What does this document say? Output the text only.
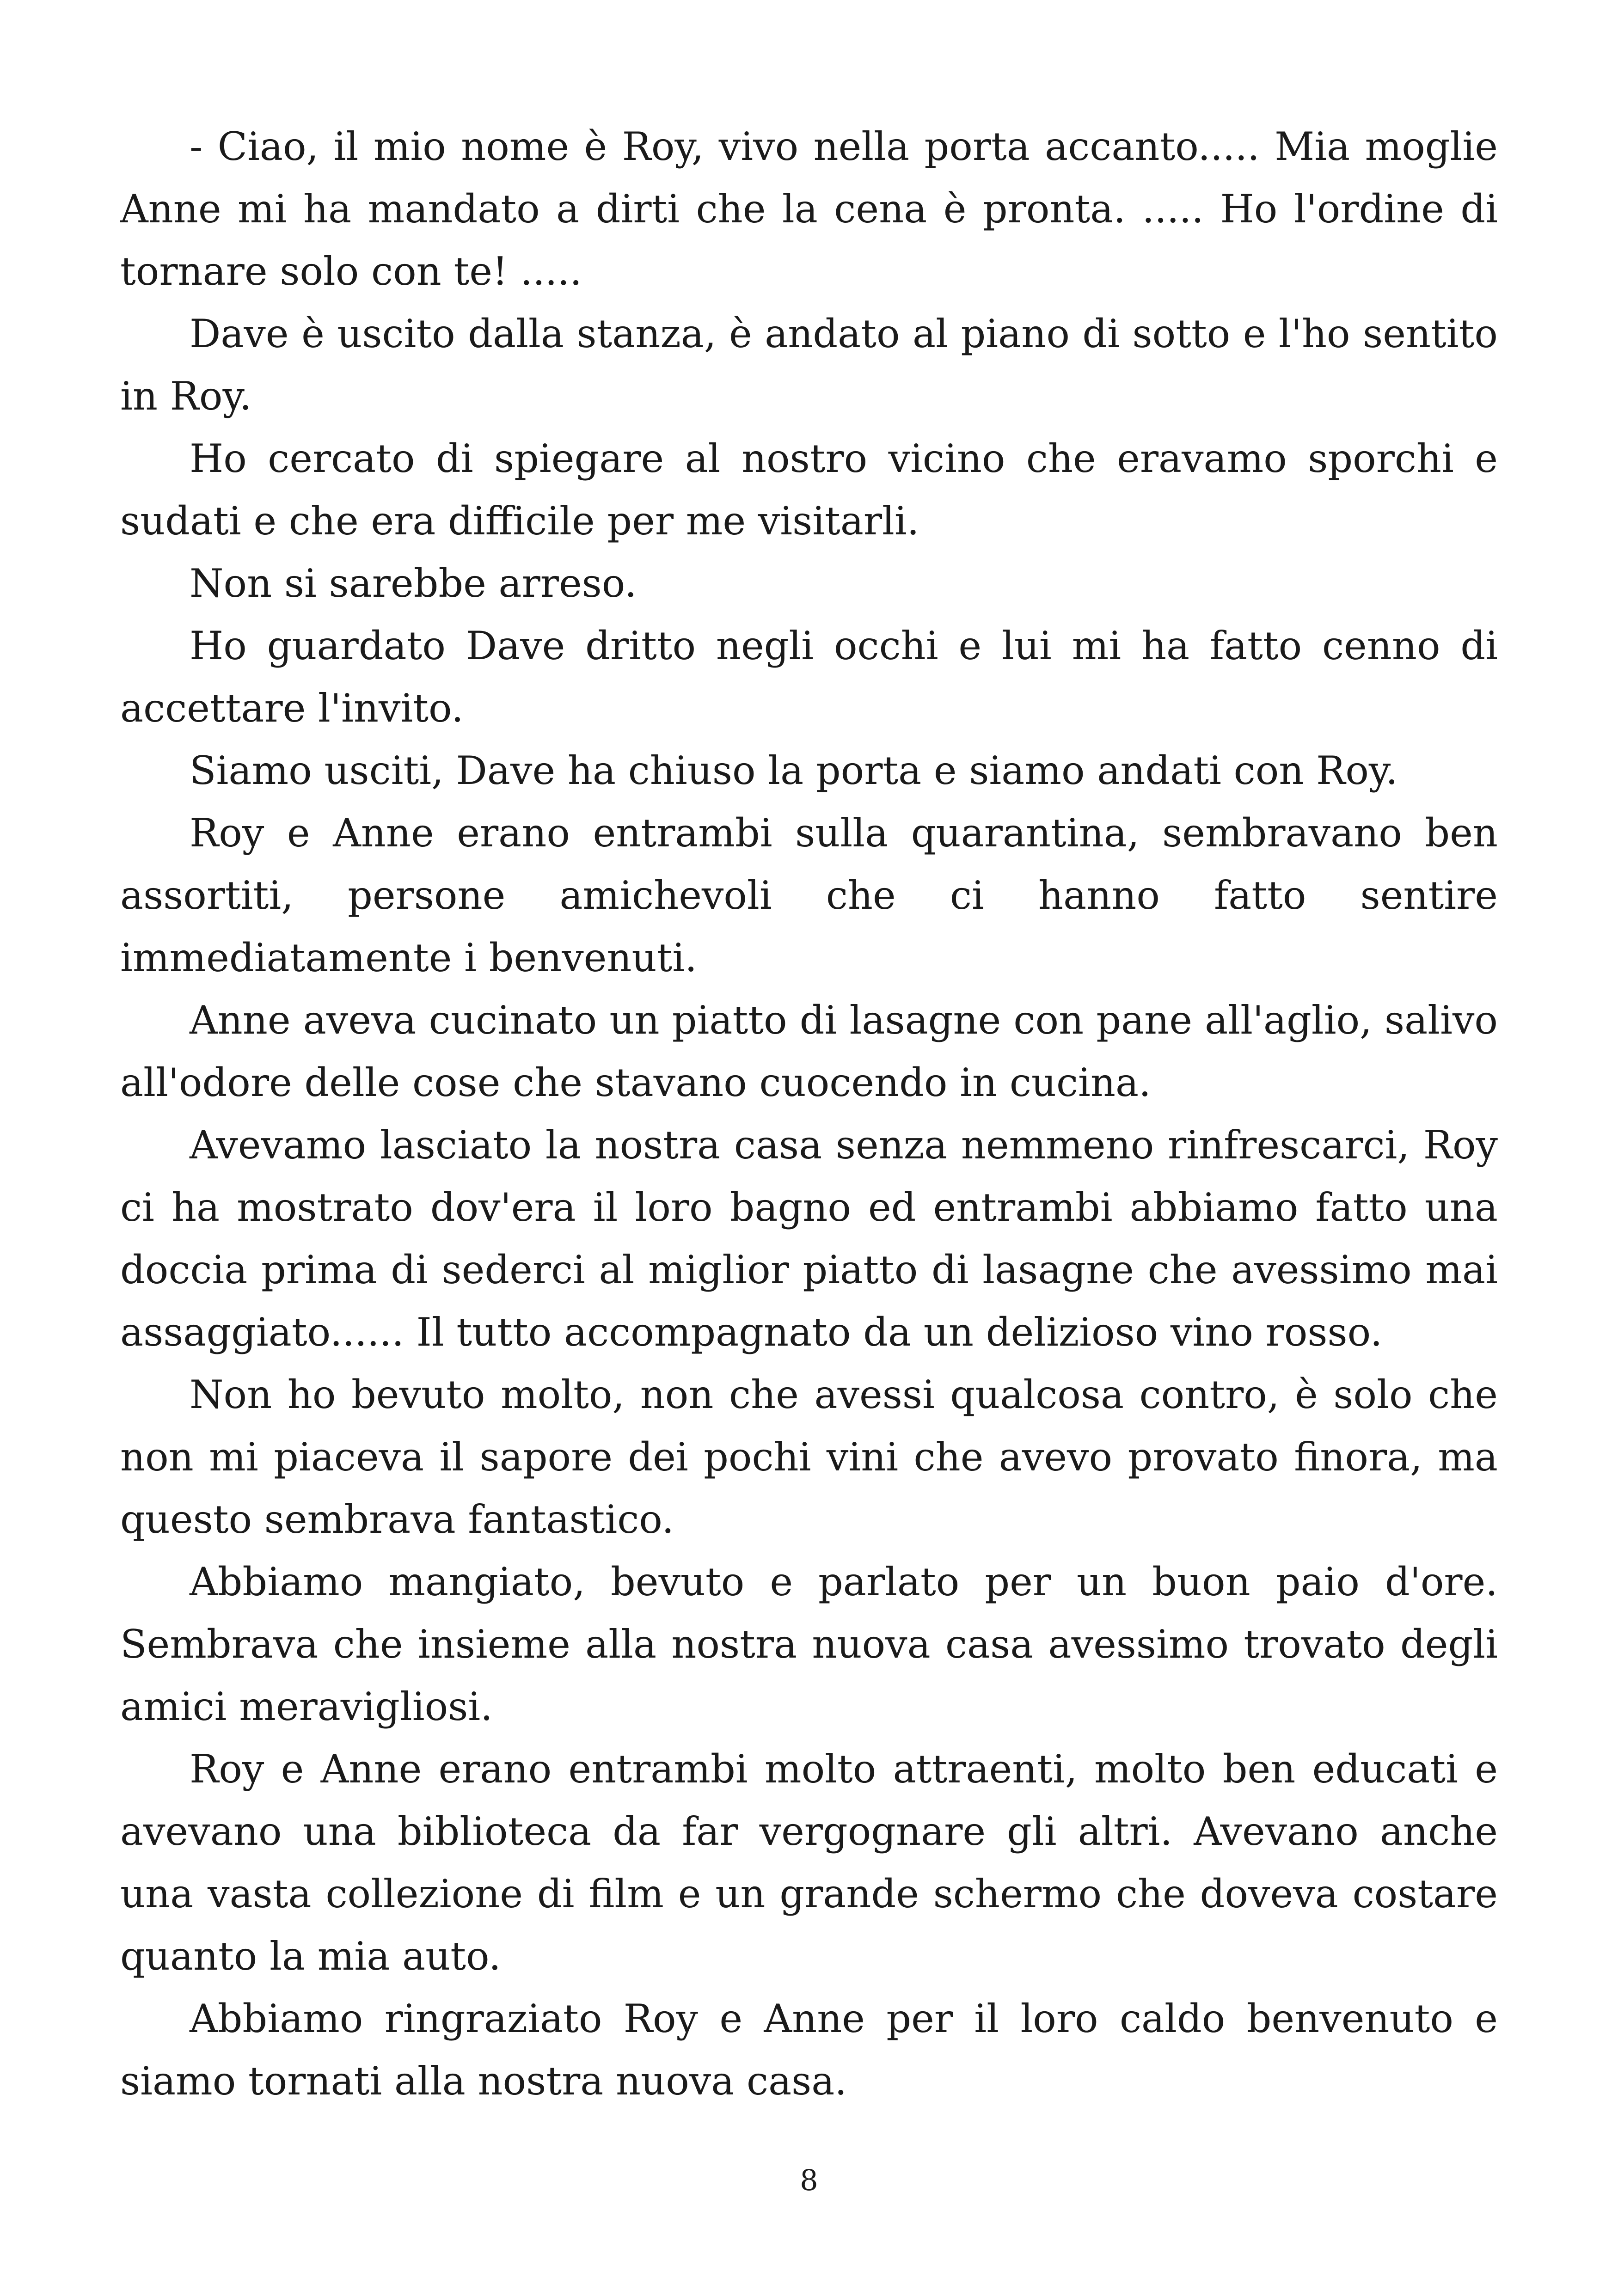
- Ciao, il mio nome è Roy, vivo nella porta accanto..... Mia moglie Anne mi ha mandato a dirti che la cena è pronta. ..... Ho l'ordine di tornare solo con te! .....

Dave è uscito dalla stanza, è andato al piano di sotto e l'ho sentito in Roy.

Ho cercato di spiegare al nostro vicino che eravamo sporchi e sudati e che era difficile per me visitarli.

Non si sarebbe arreso.

Ho guardato Dave dritto negli occhi e lui mi ha fatto cenno di accettare l'invito.

Siamo usciti, Dave ha chiuso la porta e siamo andati con Roy.

Roy e Anne erano entrambi sulla quarantina, sembravano ben assortiti, persone amichevoli che ci hanno fatto sentire immediatamente i benvenuti.

Anne aveva cucinato un piatto di lasagne con pane all'aglio, salivo all'odore delle cose che stavano cuocendo in cucina.

Avevamo lasciato la nostra casa senza nemmeno rinfrescarci, Roy ci ha mostrato dov'era il loro bagno ed entrambi abbiamo fatto una doccia prima di sederci al miglior piatto di lasagne che avessimo mai assaggiato...... Il tutto accompagnato da un delizioso vino rosso.

Non ho bevuto molto, non che avessi qualcosa contro, è solo che non mi piaceva il sapore dei pochi vini che avevo provato finora, ma questo sembrava fantastico.

Abbiamo mangiato, bevuto e parlato per un buon paio d'ore. Sembrava che insieme alla nostra nuova casa avessimo trovato degli amici meravigliosi.

Roy e Anne erano entrambi molto attraenti, molto ben educati e avevano una biblioteca da far vergognare gli altri. Avevano anche una vasta collezione di film e un grande schermo che doveva costare quanto la mia auto.

Abbiamo ringraziato Roy e Anne per il loro caldo benvenuto e siamo tornati alla nostra nuova casa.

8
